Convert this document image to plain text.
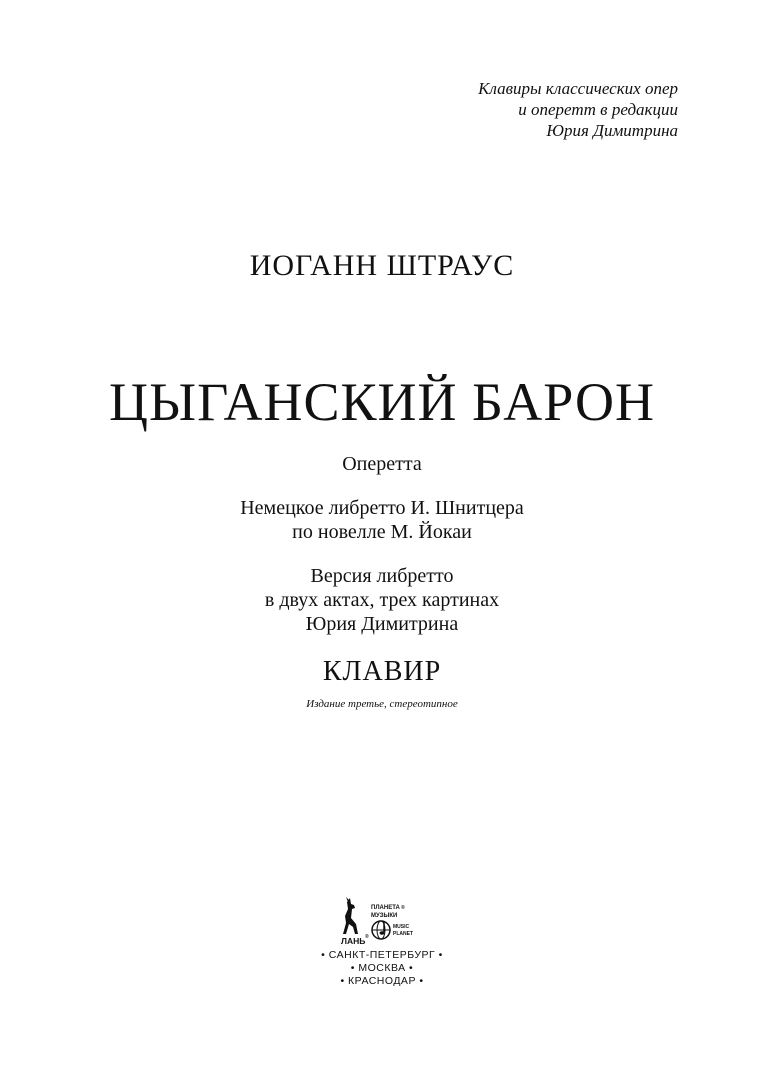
Клавиры классических опер
и оперетт в редакции
Юрия Димитрина
ИОГАНН ШТРАУС
ЦЫГАНСКИЙ БАРОН
Оперетта
Немецкое либретто И. Шнитцера
по новелле М. Йокаи
Версия либретто
в двух актах, трех картинах
Юрия Димитрина
КЛАВИР
Издание третье, стереотипное
ЛАНЬ ®
ПЛАНЕТА
МУЗЫКИ
®
MUSIC
PLANET
• САНКТ-ПЕТЕРБУРГ •
• МОСКВА •
• КРАСНОДАР •
